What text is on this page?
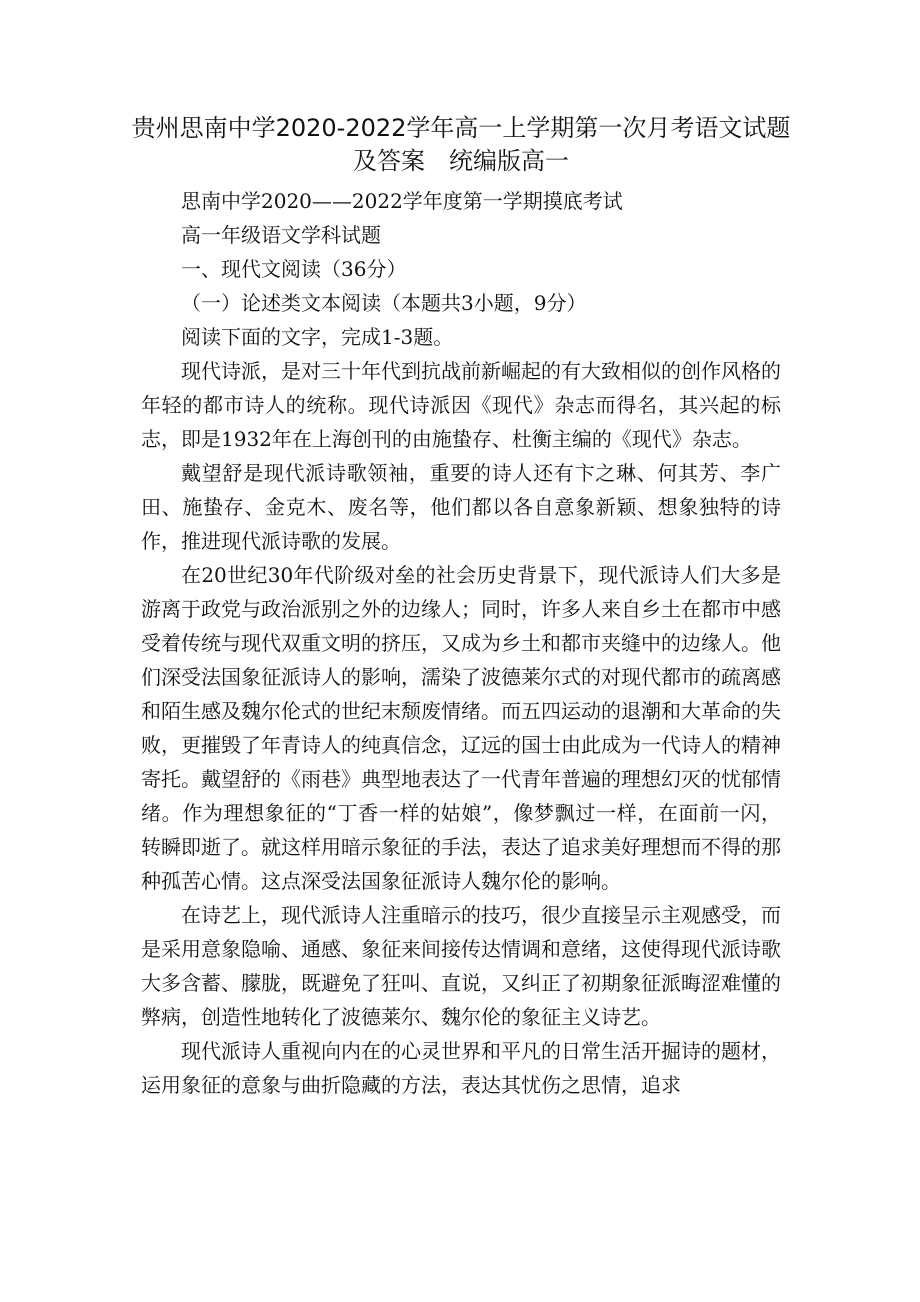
贵州思南中学2020-2022学年高一上学期第一次月考语文试题
及答案　统编版高一

思南中学2020——2022学年度第一学期摸底考试

高一年级语文学科试题

一、现代文阅读（36分）

（一）论述类文本阅读（本题共3小题，9分）

阅读下面的文字，完成1-3题。

现代诗派，是对三十年代到抗战前新崛起的有大致相似的创作风格的年轻的都市诗人的统称。现代诗派因《现代》杂志而得名，其兴起的标志，即是1932年在上海创刊的由施蛰存、杜衡主编的《现代》杂志。

戴望舒是现代派诗歌领袖，重要的诗人还有卞之琳、何其芳、李广田、施蛰存、金克木、废名等，他们都以各自意象新颖、想象独特的诗作，推进现代派诗歌的发展。

在20世纪30年代阶级对垒的社会历史背景下，现代派诗人们大多是游离于政党与政治派别之外的边缘人；同时，许多人来自乡土在都市中感受着传统与现代双重文明的挤压，又成为乡土和都市夹缝中的边缘人。他们深受法国象征派诗人的影响，濡染了波德莱尔式的对现代都市的疏离感和陌生感及魏尔伦式的世纪末颓废情绪。而五四运动的退潮和大革命的失败，更摧毁了年青诗人的纯真信念，辽远的国士由此成为一代诗人的精神寄托。戴望舒的《雨巷》典型地表达了一代青年普遍的理想幻灭的忧郁情绪。作为理想象征的“丁香一样的姑娘”，像梦飘过一样，在面前一闪，转瞬即逝了。就这样用暗示象征的手法，表达了追求美好理想而不得的那种孤苦心情。这点深受法国象征派诗人魏尔伦的影响。

在诗艺上，现代派诗人注重暗示的技巧，很少直接呈示主观感受，而是采用意象隐喻、通感、象征来间接传达情调和意绪，这使得现代派诗歌大多含蓄、朦胧，既避免了狂叫、直说，又纠正了初期象征派晦涩难懂的弊病，创造性地转化了波德莱尔、魏尔伦的象征主义诗艺。

现代派诗人重视向内在的心灵世界和平凡的日常生活开掘诗的题材，运用象征的意象与曲折隐藏的方法，表达其忧伤之思情，追求
